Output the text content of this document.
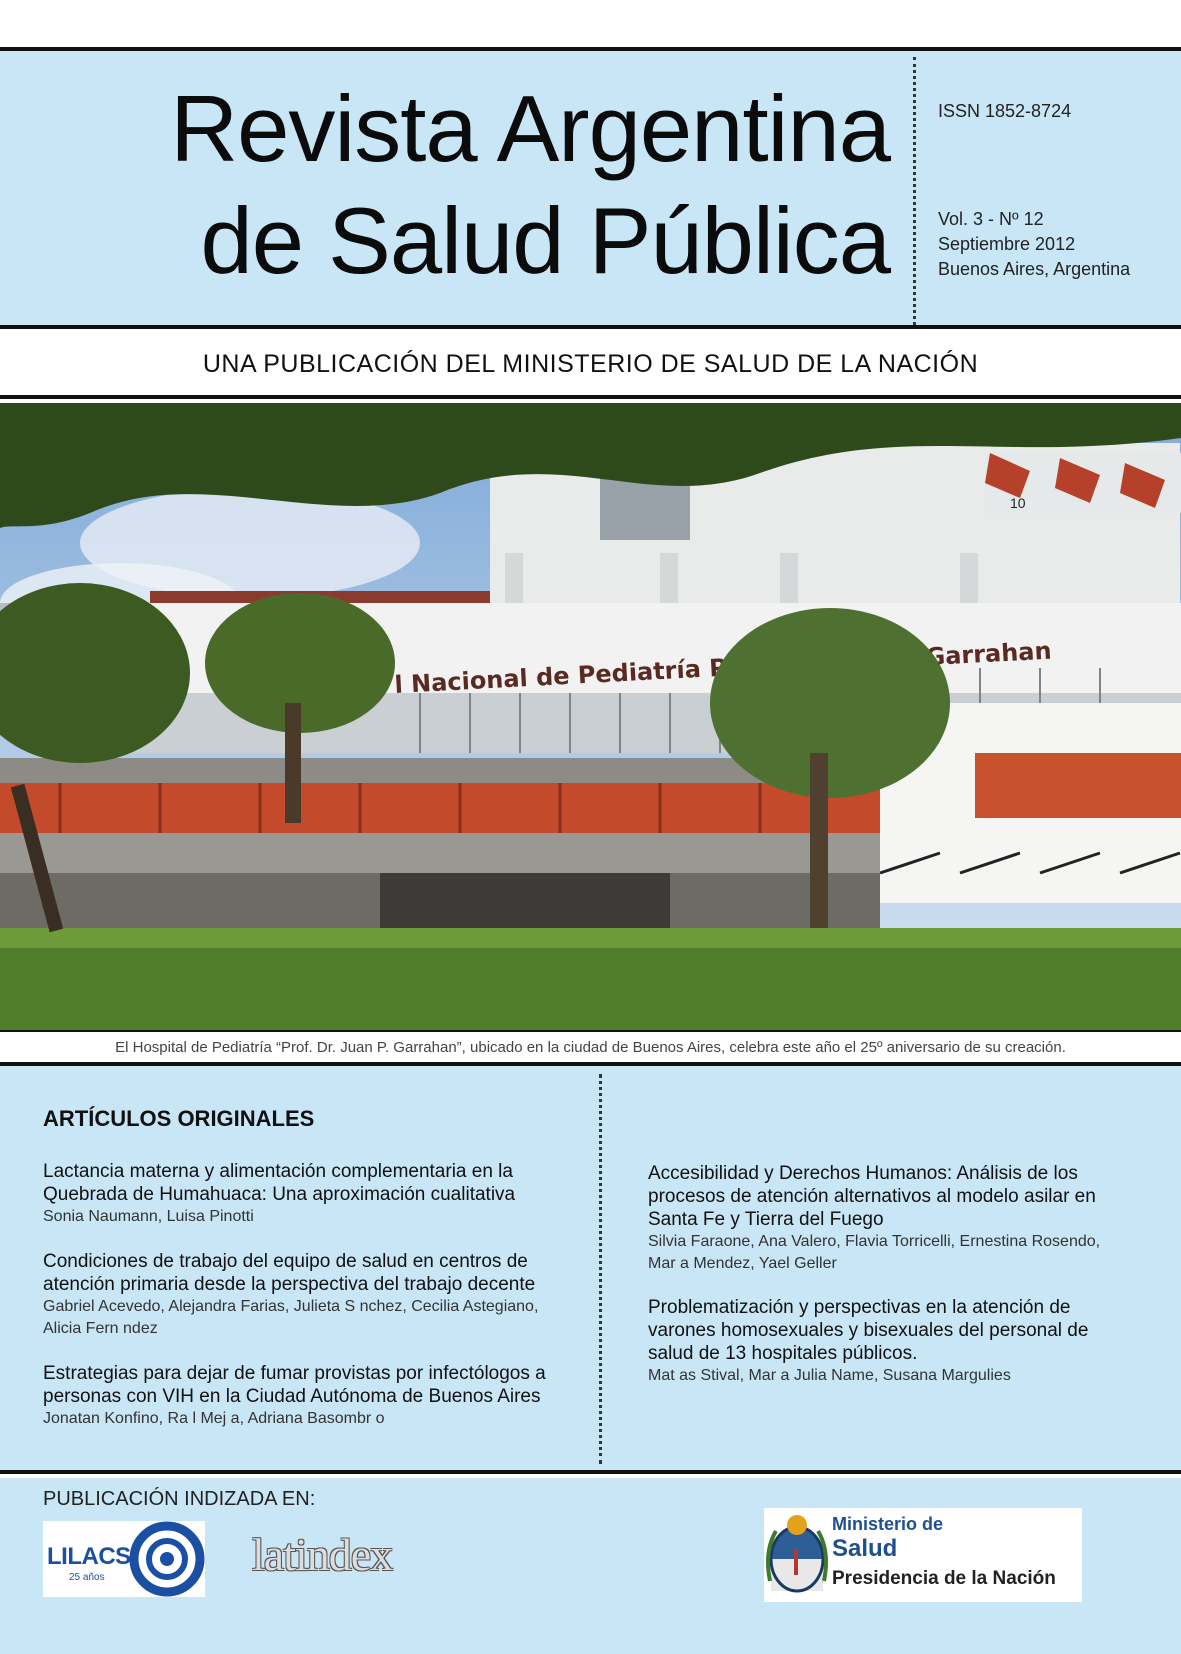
Revista Argentina
de Salud Pública
ISSN 1852-8724
Vol. 3 - Nº 12
Septiembre 2012
Buenos Aires, Argentina
UNA PUBLICACIÓN DEL MINISTERIO DE SALUD DE LA NACIÓN
10
l Nacional de Pediatría Garrahan
El Hospital de Pediatría “Prof. Dr. Juan P. Garrahan”, ubicado en la ciudad de Buenos Aires, celebra este año el 25º aniversario de su creación.
ARTÍCULOS ORIGINALES
Lactancia materna y alimentación complementaria en la Quebrada de Humahuaca: Una aproximación cualitativa
Sonia Naumann, Luisa Pinotti
Condiciones de trabajo del equipo de salud en centros de atención primaria desde la perspectiva del trabajo decente
Gabriel Acevedo, Alejandra Farias, Julieta S nchez, Cecilia Astegiano, Alicia Fern ndez
Estrategias para dejar de fumar provistas por infectólogos a personas con VIH en la Ciudad Autónoma de Buenos Aires
Jonatan Konfino, Ra l Mej a, Adriana Basombr o
Accesibilidad y Derechos Humanos: Análisis de los procesos de atención alternativos al modelo asilar en Santa Fe y Tierra del Fuego
Silvia Faraone, Ana Valero, Flavia Torricelli, Ernestina Rosendo, Mar a Mendez, Yael Geller
Problematización y perspectivas en la atención de varones homosexuales y bisexuales del personal de salud de 13 hospitales públicos.
Mat as Stival, Mar a Julia Name, Susana Margulies
PUBLICACIÓN INDIZADA EN:
LILACS
25 años	latindex
Ministerio de
Salud
Presidencia de la Nación
